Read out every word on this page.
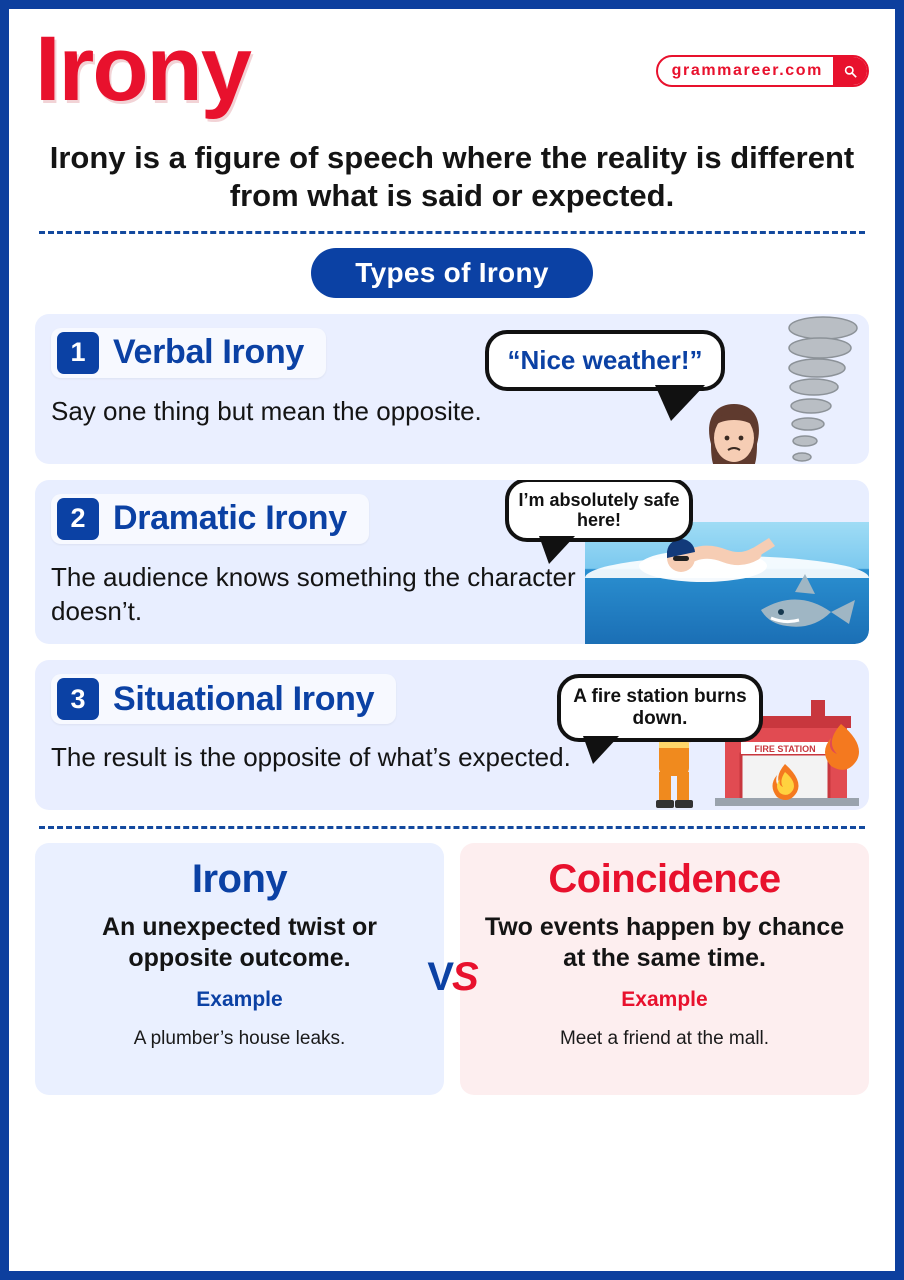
Irony	grammareer.com
Irony is a figure of speech where the reality is different from what is said or expected.
Types of Irony
1 Verbal Irony
Say one thing but mean the opposite.
“Nice weather!”
2 Dramatic Irony
The audience knows something the character doesn’t.
I’m absolutely safe here!
3 Situational Irony
The result is the opposite of what’s expected.
A fire station burns down.
FIRE STATION
Irony

An unexpected twist or opposite outcome.

Example
A plumber’s house leaks.
VS
Coincidence

Two events happen by chance at the same time.

Example
Meet a friend at the mall.
